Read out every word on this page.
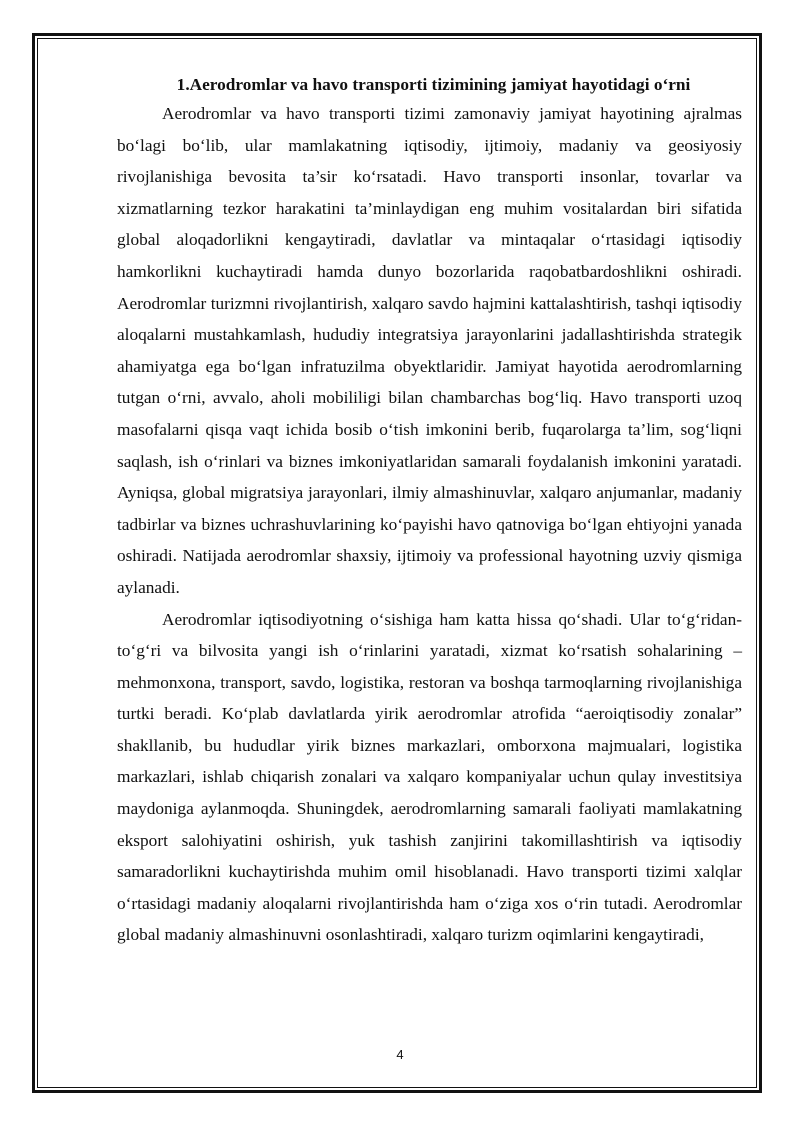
1.Aerodromlar va havo transporti tizimining jamiyat hayotidagi o‘rni

Aerodromlar va havo transporti tizimi zamonaviy jamiyat hayotining ajralmas bo‘lagi bo‘lib, ular mamlakatning iqtisodiy, ijtimoiy, madaniy va geosiyosiy rivojlanishiga bevosita ta’sir ko‘rsatadi. Havo transporti insonlar, tovarlar va xizmatlarning tezkor harakatini ta’minlaydigan eng muhim vositalardan biri sifatida global aloqadorlikni kengaytiradi, davlatlar va mintaqalar o‘rtasidagi iqtisodiy hamkorlikni kuchaytiradi hamda dunyo bozorlarida raqobatbardoshlikni oshiradi. Aerodromlar turizmni rivojlantirish, xalqaro savdo hajmini kattalashtirish, tashqi iqtisodiy aloqalarni mustahkamlash, hududiy integratsiya jarayonlarini jadallashtirishda strategik ahamiyatga ega bo‘lgan infratuzilma obyektlaridir. Jamiyat hayotida aerodromlarning tutgan o‘rni, avvalo, aholi mobililigi bilan chambarchas bog‘liq. Havo transporti uzoq masofalarni qisqa vaqt ichida bosib o‘tish imkonini berib, fuqarolarga ta’lim, sog‘liqni saqlash, ish o‘rinlari va biznes imkoniyatlaridan samarali foydalanish imkonini yaratadi. Ayniqsa, global migratsiya jarayonlari, ilmiy almashinuvlar, xalqaro anjumanlar, madaniy tadbirlar va biznes uchrashuvlarining ko‘payishi havo qatnoviga bo‘lgan ehtiyojni yanada oshiradi. Natijada aerodromlar shaxsiy, ijtimoiy va professional hayotning uzviy qismiga aylanadi.

Aerodromlar iqtisodiyotning o‘sishiga ham katta hissa qo‘shadi. Ular to‘g‘ridan-to‘g‘ri va bilvosita yangi ish o‘rinlarini yaratadi, xizmat ko‘rsatish sohalarining – mehmonxona, transport, savdo, logistika, restoran va boshqa tarmoqlarning rivojlanishiga turtki beradi. Ko‘plab davlatlarda yirik aerodromlar atrofida “aeroiqtisodiy zonalar” shakllanib, bu hududlar yirik biznes markazlari, omborxona majmualari, logistika markazlari, ishlab chiqarish zonalari va xalqaro kompaniyalar uchun qulay investitsiya maydoniga aylanmoqda. Shuningdek, aerodromlarning samarali faoliyati mamlakatning eksport salohiyatini oshirish, yuk tashish zanjirini takomillashtirish va iqtisodiy samaradorlikni kuchaytirishda muhim omil hisoblanadi. Havo transporti tizimi xalqlar o‘rtasidagi madaniy aloqalarni rivojlantirishda ham o‘ziga xos o‘rin tutadi. Aerodromlar global madaniy almashinuvni osonlashtiradi, xalqaro turizm oqimlarini kengaytiradi,

4
